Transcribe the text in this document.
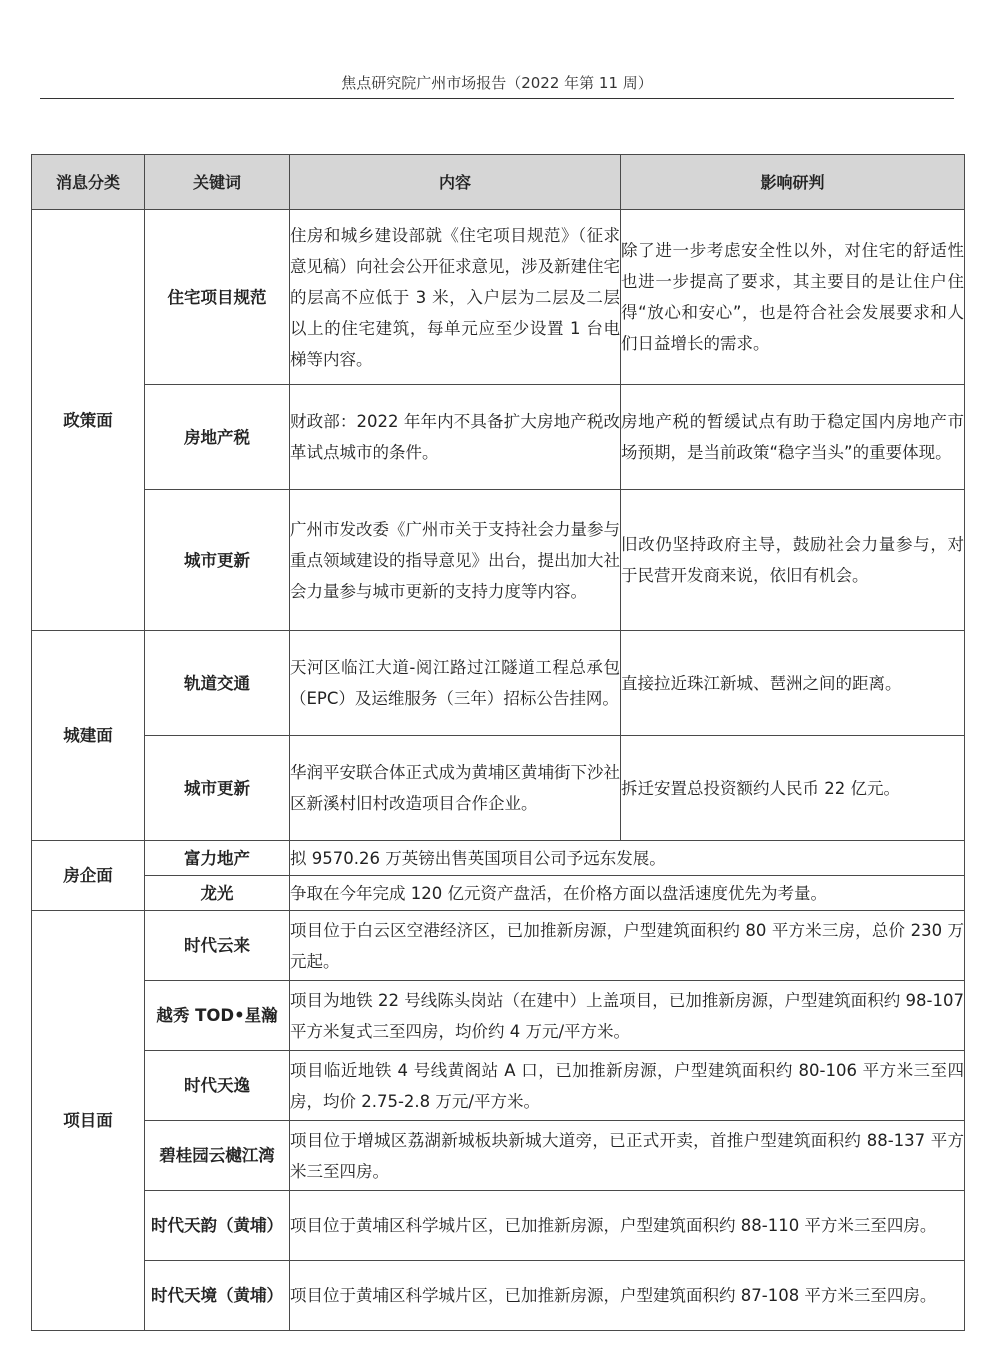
焦点研究院广州市场报告（2022 年第 11 周）
消息分类	关键词	内容	影响研判
政策面	住宅项目规范	住房和城乡建设部就《住宅项目规范》（征求意见稿）向社会公开征求意见，涉及新建住宅的层高不应低于 3 米，入户层为二层及二层以上的住宅建筑，每单元应至少设置 1 台电梯等内容。	除了进一步考虑安全性以外，对住宅的舒适性也进一步提高了要求，其主要目的是让住户住得“放心和安心”，也是符合社会发展要求和人们日益增长的需求。
	房地产税	财政部：2022 年年内不具备扩大房地产税改革试点城市的条件。	房地产税的暂缓试点有助于稳定国内房地产市场预期，是当前政策“稳字当头”的重要体现。
	城市更新	广州市发改委《广州市关于支持社会力量参与重点领域建设的指导意见》出台，提出加大社会力量参与城市更新的支持力度等内容。	旧改仍坚持政府主导，鼓励社会力量参与，对于民营开发商来说，依旧有机会。
城建面	轨道交通	天河区临江大道-阅江路过江隧道工程总承包（EPC）及运维服务（三年）招标公告挂网。	直接拉近珠江新城、琶洲之间的距离。
	城市更新	华润平安联合体正式成为黄埔区黄埔街下沙社区新溪村旧村改造项目合作企业。	拆迁安置总投资额约人民币 22 亿元。
房企面	富力地产	拟 9570.26 万英镑出售英国项目公司予远东发展。	
	龙光	争取在今年完成 120 亿元资产盘活，在价格方面以盘活速度优先为考量。	
项目面	时代云来	项目位于白云区空港经济区，已加推新房源，户型建筑面积约 80 平方米三房，总价 230 万元起。	
	越秀 TOD•星瀚	项目为地铁 22 号线陈头岗站（在建中）上盖项目，已加推新房源，户型建筑面积约 98-107 平方米复式三至四房，均价约 4 万元/平方米。	
	时代天逸	项目临近地铁 4 号线黄阁站 A 口，已加推新房源，户型建筑面积约 80-106 平方米三至四房，均价 2.75-2.8 万元/平方米。	
	碧桂园云樾江湾	项目位于增城区荔湖新城板块新城大道旁，已正式开卖，首推户型建筑面积约 88-137 平方米三至四房。	
	时代天韵（黄埔）	项目位于黄埔区科学城片区，已加推新房源，户型建筑面积约 88-110 平方米三至四房。	
	时代天境（黄埔）	项目位于黄埔区科学城片区，已加推新房源，户型建筑面积约 87-108 平方米三至四房。	
